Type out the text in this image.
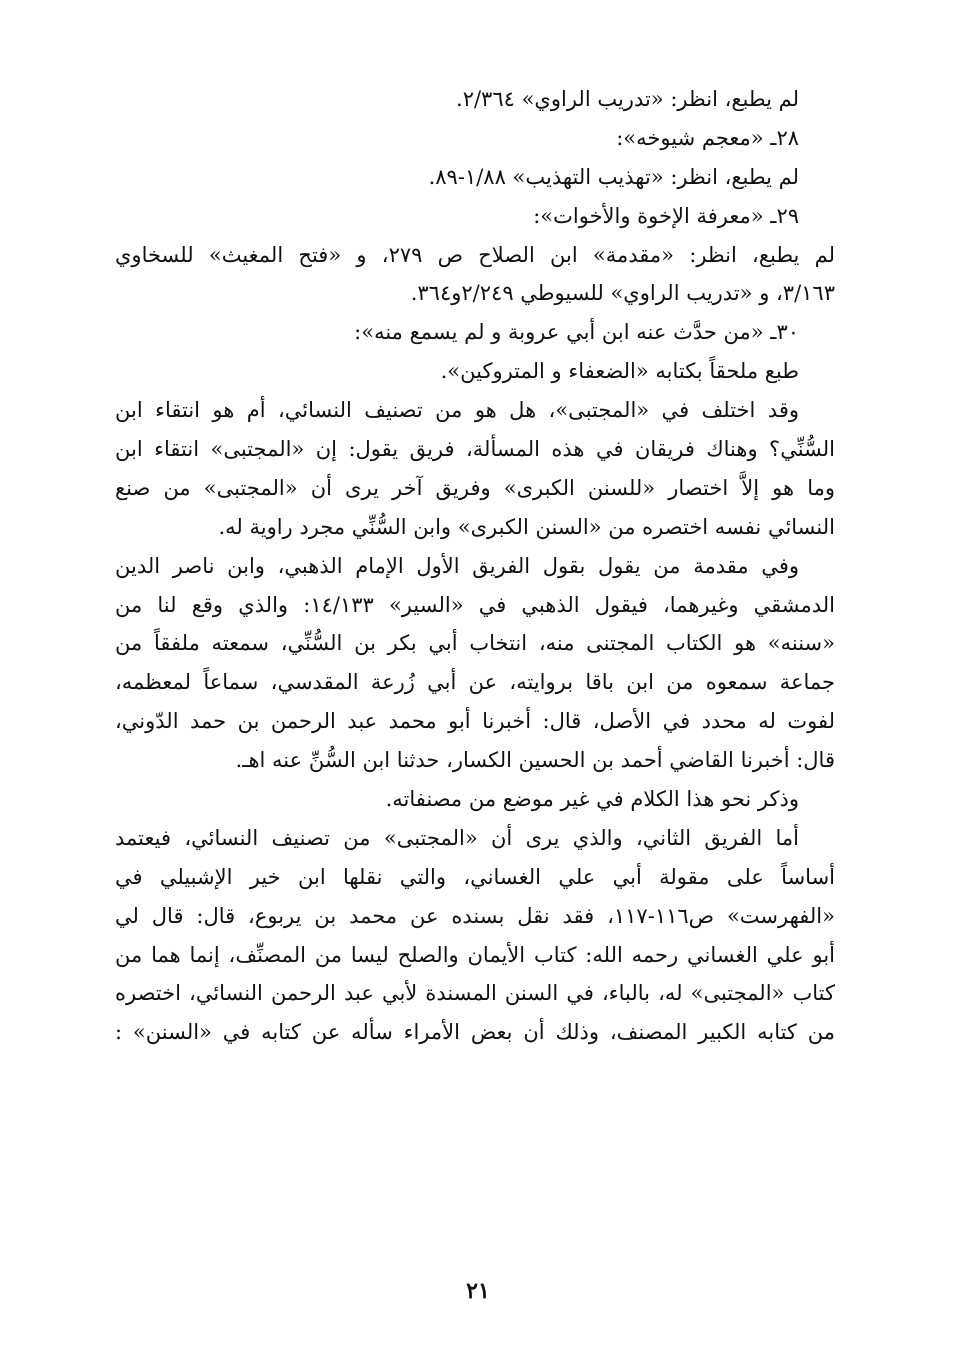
لم يطبع، انظر: «تدريب الراوي» ٢/٣٦٤.
٢٨ـ «معجم شيوخه»:
لم يطبع، انظر: «تهذيب التهذيب» ١/٨٨-٨٩.
٢٩ـ «معرفة الإخوة والأخوات»:
لم يطبع، انظر: «مقدمة» ابن الصلاح ص ٢٧٩، و «فتح المغيث» للسخاوي
٣/١٦٣، و «تدريب الراوي» للسيوطي ٢/٢٤٩و٣٦٤.
٣٠ـ «من حدَّث عنه ابن أبي عروبة و لم يسمع منه»:
طبع ملحقاً بكتابه «الضعفاء و المتروكين».
وقد اختلف في «المجتبى»، هل هو من تصنيف النسائي، أم هو انتقاء ابن
السُّنِّي؟ وهناك فريقان في هذه المسألة، فريق يقول: إن «المجتبى» انتقاء ابن
وما هو إلاَّ اختصار «للسنن الكبرى» وفريق آخر يرى أن «المجتبى» من صنع
النسائي نفسه اختصره من «السنن الكبرى» وابن السُّنِّي مجرد راوية له.
وفي مقدمة من يقول بقول الفريق الأول الإمام الذهبي، وابن ناصر الدين
الدمشقي وغيرهما، فيقول الذهبي في «السير» ١٤/١٣٣: والذي وقع لنا من
«سننه» هو الكتاب المجتنى منه، انتخاب أبي بكر بن السُّنِّي، سمعته ملفقاً من
جماعة سمعوه من ابن باقا بروايته، عن أبي زُرعة المقدسي، سماعاً لمعظمه،
لفوت له محدد في الأصل، قال: أخبرنا أبو محمد عبد الرحمن بن حمد الدّوني،
قال: أخبرنا القاضي أحمد بن الحسين الكسار، حدثنا ابن السُّنِّ عنه اهـ.
وذكر نحو هذا الكلام في غير موضع من مصنفاته.
أما الفريق الثاني، والذي يرى أن «المجتبى» من تصنيف النسائي، فيعتمد
أساساً على مقولة أبي علي الغساني، والتي نقلها ابن خير الإشبيلي في
«الفهرست» ص١١٦-١١٧، فقد نقل بسنده عن محمد بن يربوع، قال: قال لي
أبو علي الغساني رحمه الله: كتاب الأيمان والصلح ليسا من المصنِّف، إنما هما من
كتاب «المجتبى» له، بالباء، في السنن المسندة لأبي عبد الرحمن النسائي، اختصره
من كتابه الكبير المصنف، وذلك أن بعض الأمراء سأله عن كتابه في «السنن» :
٢١
